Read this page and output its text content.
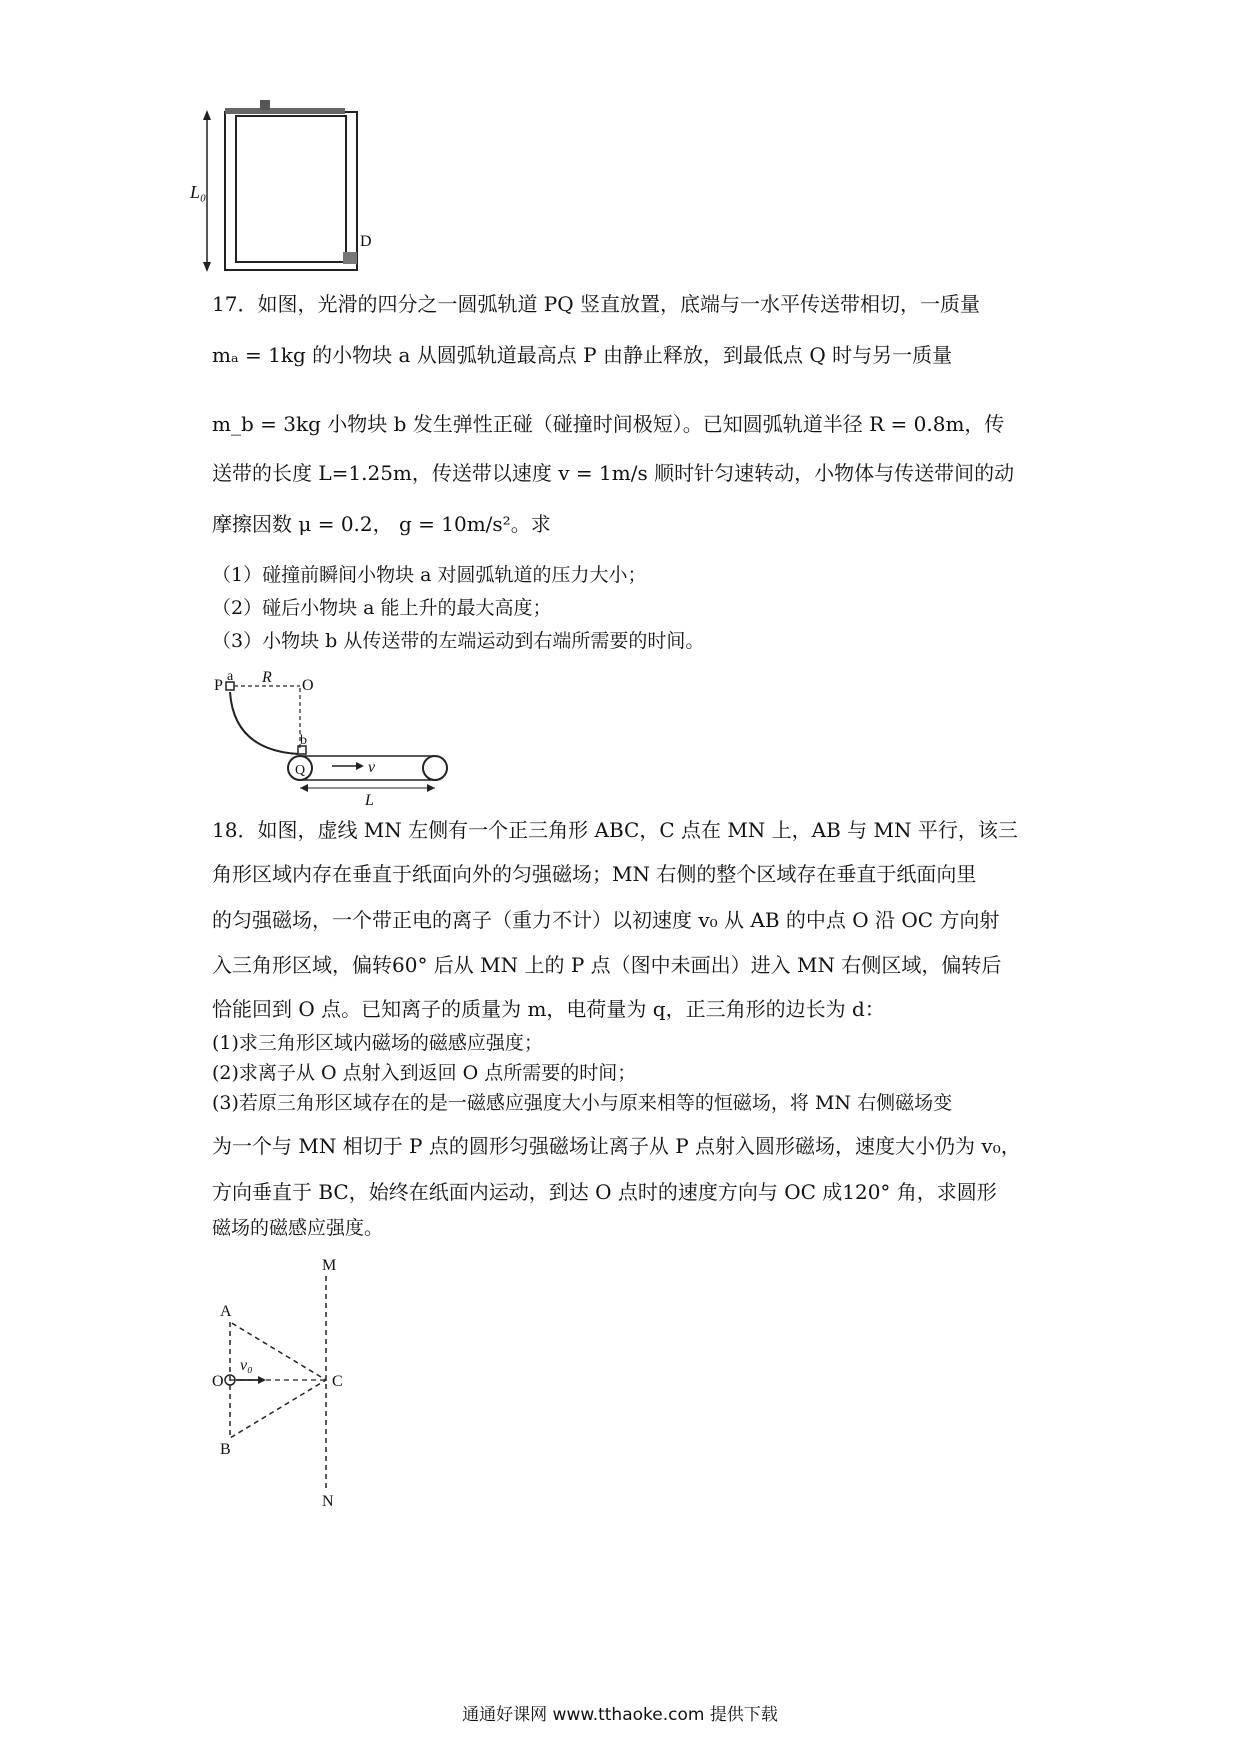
L₀
D
17．如图，光滑的四分之一圆弧轨道 PQ 竖直放置，底端与一水平传送带相切，一质量
mₐ = 1kg 的小物块 a 从圆弧轨道最高点 P 由静止释放，到最低点 Q 时与另一质量
m_b = 3kg 小物块 b 发生弹性正碰（碰撞时间极短）。已知圆弧轨道半径 R = 0.8m，传
送带的长度 L=1.25m，传送带以速度 v = 1m/s 顺时针匀速转动，小物体与传送带间的动
摩擦因数 μ = 0.2， g = 10m/s²。求
（1）碰撞前瞬间小物块 a 对圆弧轨道的压力大小；
（2）碰后小物块 a 能上升的最大高度；
（3）小物块 b 从传送带的左端运动到右端所需要的时间。
P
a R O
b
Q	v
L
18．如图，虚线 MN 左侧有一个正三角形 ABC，C 点在 MN 上，AB 与 MN 平行，该三
角形区域内存在垂直于纸面向外的匀强磁场；MN 右侧的整个区域存在垂直于纸面向里
的匀强磁场，一个带正电的离子（重力不计）以初速度 v₀ 从 AB 的中点 O 沿 OC 方向射
入三角形区域，偏转60° 后从 MN 上的 P 点（图中未画出）进入 MN 右侧区域，偏转后
恰能回到 O 点。已知离子的质量为 m，电荷量为 q，正三角形的边长为 d：
(1)求三角形区域内磁场的磁感应强度；
(2)求离子从 O 点射入到返回 O 点所需要的时间；
(3)若原三角形区域存在的是一磁感应强度大小与原来相等的恒磁场，将 MN 右侧磁场变
为一个与 MN 相切于 P 点的圆形匀强磁场让离子从 P 点射入圆形磁场，速度大小仍为 v₀，
方向垂直于 BC，始终在纸面内运动，到达 O 点时的速度方向与 OC 成120° 角，求圆形
磁场的磁感应强度。
M
N
A
B
C
O
v₀
通通好课网 www.tthaoke.com 提供下载
